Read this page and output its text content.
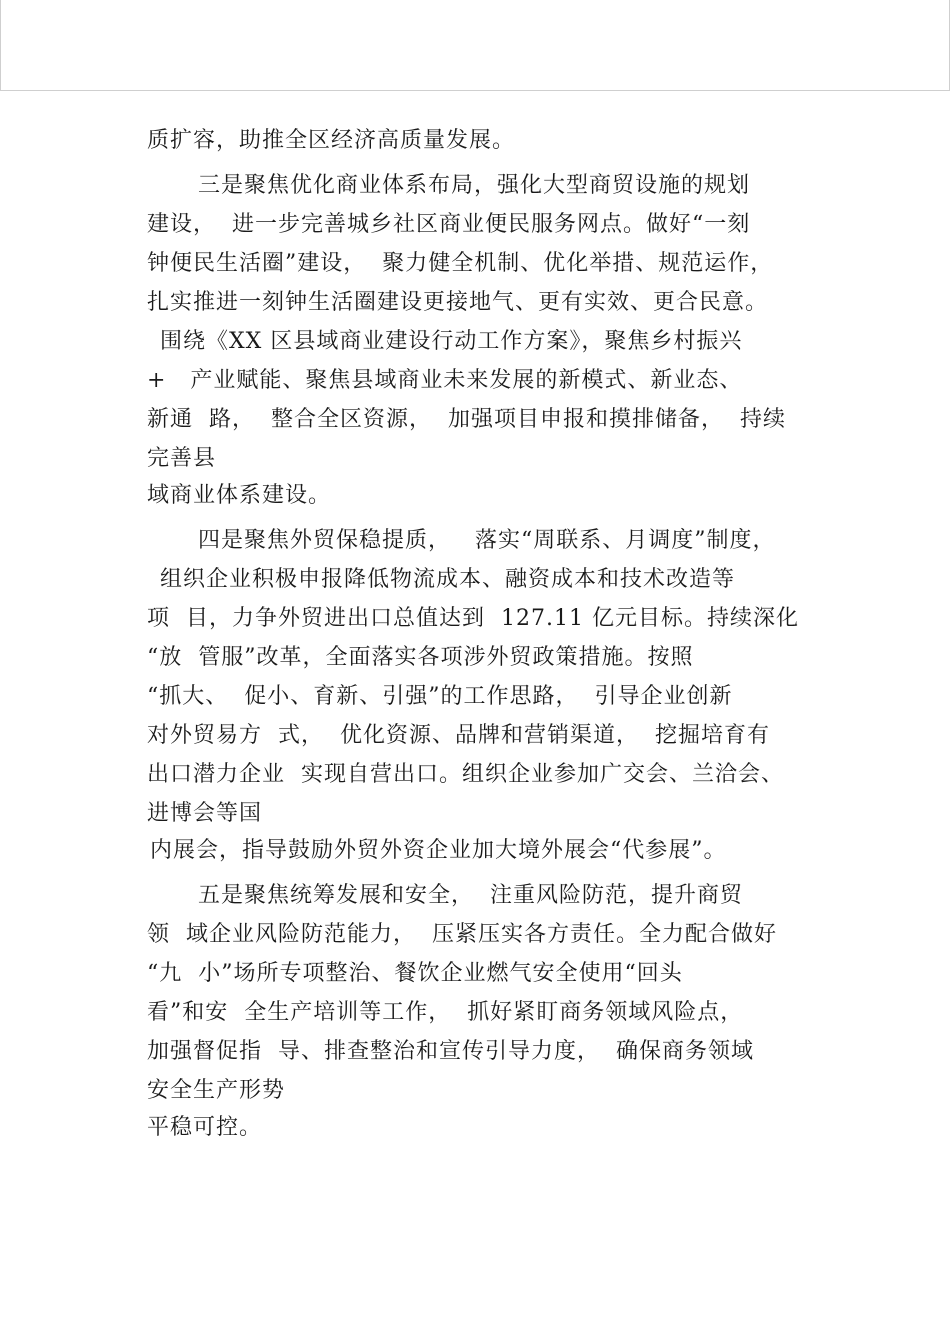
质扩容，助推全区经济高质量发展。
三是聚焦优化商业体系布局，强化大型商贸设施的规划
建设，  进一步完善城乡社区商业便民服务网点。做好“一刻
钟便民生活圈”建设，  聚力健全机制、优化举措、规范运作，
扎实推进一刻钟生活圈建设更接地气、更有实效、更合民意。
围绕《XX 区县域商业建设行动工作方案》，聚焦乡村振兴
+   产业赋能、聚焦县域商业未来发展的新模式、新业态、
新通  路，  整合全区资源，  加强项目申报和摸排储备，  持续
完善县
域商业体系建设。
四是聚焦外贸保稳提质，   落实“周联系、月调度”制度，
组织企业积极申报降低物流成本、融资成本和技术改造等
项  目，力争外贸进出口总值达到  127.11 亿元目标。持续深化
“放  管服”改革，全面落实各项涉外贸政策措施。按照
“抓大、  促小、育新、引强”的工作思路，  引导企业创新
对外贸易方  式，  优化资源、品牌和营销渠道，  挖掘培育有
出口潜力企业  实现自营出口。组织企业参加广交会、兰洽会、
进博会等国
内展会，指导鼓励外贸外资企业加大境外展会“代参展”。
五是聚焦统筹发展和安全，  注重风险防范，提升商贸
领  域企业风险防范能力，  压紧压实各方责任。全力配合做好
“九  小”场所专项整治、餐饮企业燃气安全使用“回头
看”和安  全生产培训等工作，  抓好紧盯商务领域风险点，
加强督促指  导、排查整治和宣传引导力度，  确保商务领域
安全生产形势
平稳可控。
